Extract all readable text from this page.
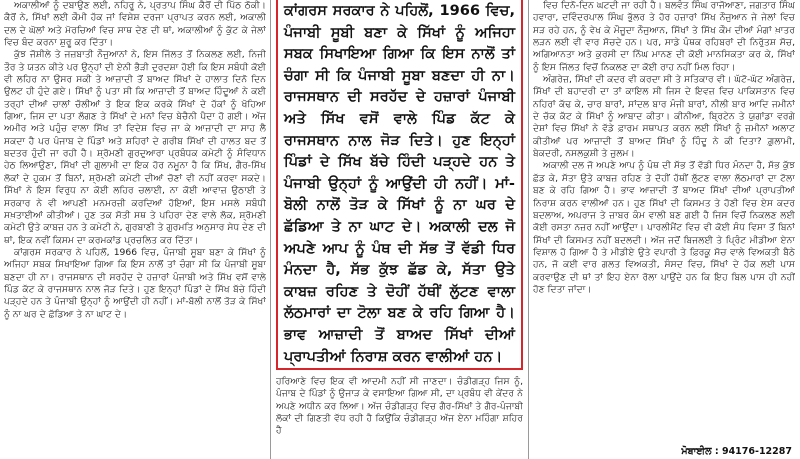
ਅਕਾਲੀਆਂ ਨੂੰ ਦਬਾਉਣ ਲਈ, ਨਹਿਰੂ ਨੇ, ਪ੍ਰਤਾਪ ਸਿੰਘ ਕੈਰੋਂ ਦੀ ਪਿੱਠ ਠੋਕੀ। ਕੈਰੋਂ ਨੇ, ਸਿੱਖਾਂ ਲਈ ਕੌਮੀ ਹੱਕ ਜਾਂ ਵਿਸ਼ੇਸ਼ ਦਰਜਾ ਪ੍ਰਾਪਤ ਕਰਨ ਲਈ, ਅਕਾਲੀ ਦਲ ਦੇ ਘੋਲਾਂ ਅਤੇ ਮੋਰਚਿਆਂ ਵਿਚ ਸਾਥ ਦੇਣ ਦੀ ਥਾਂ, ਅਕਾਲੀਆਂ ਨੂੰ ਕੁੱਟ ਕੇ ਜੇਲਾਂ ਵਿਚ ਬੰਦ ਕਰਨਾ ਸ਼ੁਰੂ ਕਰ ਦਿੱਤਾ।

ਕੁੱਝ ਜੋਸ਼ੀਲੇ ਤੇ ਜਜ਼ਬਾਤੀ ਨੌਜੁਆਨਾਂ ਨੇ, ਇਸ ਜਿੱਲਤ ਤੋਂ ਨਿਕਲਣ ਲਈ, ਨਿਜੀ ਤੌਰ ਤੇ ਯਤਨ ਕੀਤੇ ਪਰ ਉਨ੍ਹਾਂ ਦੀ ਏਨੀ ਭੈੜੀ ਦੁਰਦਸ਼ਾ ਹੋਈ ਕਿ ਇਸ ਸਬੰਧੀ ਕੋਈ ਵੀ ਲਹਿਰ ਨਾ ਉਸਰ ਸਕੀ ਤੇ ਆਜ਼ਾਦੀ ਤੋਂ ਬਾਅਦ ਸਿੱਖਾਂ ਦੇ ਹਾਲਾਤ ਦਿਨੋ ਦਿਨ ਉਲਟ ਹੀ ਹੁੰਦੇ ਗਏ। ਸਿੱਖਾਂ ਨੂੰ ਪਤਾ ਸੀ ਕਿ ਆਜ਼ਾਦੀ ਤੋਂ ਬਾਅਦ ਹਿੰਦੂਆਂ ਨੇ ਕਈ ਤਰ੍ਹਾਂ ਦੀਆਂ ਚਾਲਾਂ ਚੱਲੀਆਂ ਤੇ ਇਕ ਇਕ ਕਰਕੇ ਸਿੱਖਾਂ ਦੇ ਹੱਕਾਂ ਨੂੰ ਖੋਹਿਆ ਗਿਆ, ਜਿਸ ਦਾ ਪਤਾ ਲੱਗਣ ਤੇ ਸਿੱਖਾਂ ਦੇ ਮਨਾਂ ਵਿਚ ਬੇਚੈਨੀ ਪੈਦਾ ਹੋ ਗਈ। ਅੱਜ ਅਮੀਰ ਅਤੇ ਪਹੁੰਚ ਵਾਲਾ ਸਿੱਖ ਤਾਂ ਵਿਦੇਸ਼ ਵਿਚ ਜਾ ਕੇ ਆਜ਼ਾਦੀ ਦਾ ਸਾਹ ਲੈ ਸਕਦਾ ਹੈ ਪਰ ਪੰਜਾਬ ਦੇ ਪਿੰਡਾਂ ਅਤੇ ਸ਼ਹਿਰਾਂ ਦੇ ਗਰੀਬ ਸਿੱਖਾਂ ਦੀ ਹਾਲਤ ਬਦ ਤੋਂ ਬਦਤਰ ਹੁੰਦੀ ਜਾ ਰਹੀ ਹੈ। ਸ਼੍ਰੋਮਣੀ ਗੁਰਦੁਆਰਾ ਪ੍ਰਬੰਧਕ ਕਮੇਟੀ ਨੂੰ ਸੰਵਿਧਾਨ ਹੇਠ ਲਿਆਉਣਾ, ਸਿੱਖਾਂ ਦੀ ਗੁਲਾਮੀ ਦਾ ਇਕ ਹੋਰ ਨਮੂਨਾ ਹੈ ਕਿ ਸਿੱਖ, ਗੈਰ-ਸਿੱਖ ਲੋਕਾਂ ਦੇ ਹੁਕਮ ਤੋਂ ਬਿਨਾਂ, ਸ਼੍ਰੋਮਣੀ ਕਮੇਟੀ ਦੀਆਂ ਚੋਣਾਂ ਵੀ ਨਹੀਂ ਕਰਵਾ ਸਕਦੇ। ਸਿੱਖਾਂ ਨੇ ਇਸ ਵਿਰੁਧ ਨਾ ਕੋਈ ਲਹਿਰ ਚਲਾਈ, ਨਾ ਕੋਈ ਆਵਾਜ਼ ਉਠਾਈ ਤੇ ਸਰਕਾਰ ਨੇ ਵੀ ਆਪਣੀ ਮਨਮਰਜ਼ੀ ਕਰਦਿਆਂ ਹੋਇਆਂ, ਇਸ ਮਸਲੇ ਸਬੰਧੀ ਸਖ਼ਤਾਈਆਂ ਕੀਤੀਆਂ। ਹੁਣ ਤਕ ਸੋਤੀ ਸਥ ਤੇ ਪਹਿਰਾ ਦੇਣ ਵਾਲੇ ਲੋਕ, ਸ਼੍ਰੋਮਣੀ ਕਮੇਟੀ ਉਤੇ ਕਾਬਜ਼ ਹਨ ਤੇ ਕਮੇਟੀ ਨੇ, ਗੁਰਬਾਣੀ ਤੇ ਗੁਰਮਤਿ ਅਨੁਸਾਰ ਸੇਧ ਦੇਣ ਦੀ ਥਾਂ, ਇਕ ਨਵੀਂ ਕਿਸਮ ਦਾ ਕਰਮਕਾਂਡ ਪ੍ਰਚਲਿਤ ਕਰ ਦਿੱਤਾ।

ਕਾਂਗਰਸ ਸਰਕਾਰ ਨੇ ਪਹਿਲੋਂ, 1966 ਵਿਚ, ਪੰਜਾਬੀ ਸੂਬਾ ਬਣਾ ਕੇ ਸਿੱਖਾਂ ਨੂੰ ਅਜਿਹਾ ਸਬਕ ਸਿਖਾਇਆ ਗਿਆ ਕਿ ਇਸ ਨਾਲੋਂ ਤਾਂ ਚੰਗਾ ਸੀ ਕਿ ਪੰਜਾਬੀ ਸੂਬਾ ਬਣਦਾ ਹੀ ਨਾ। ਰਾਜਸਥਾਨ ਦੀ ਸਰਹੱਦ ਦੇ ਹਜ਼ਾਰਾਂ ਪੰਜਾਬੀ ਅਤੇ ਸਿੱਖ ਵਸੋਂ ਵਾਲੇ ਪਿੰਡ ਕੱਟ ਕੇ ਰਾਜਸਥਾਨ ਨਾਲ ਜੋੜ ਦਿਤੇ। ਹੁਣ ਇਨ੍ਹਾਂ ਪਿੰਡਾਂ ਦੇ ਸਿੱਖ ਬੱਚੇ ਹਿੰਦੀ ਪੜ੍ਹਦੇ ਹਨ ਤੇ ਪੰਜਾਬੀ ਉਨ੍ਹਾਂ ਨੂੰ ਆਉਂਦੀ ਹੀ ਨਹੀਂ। ਮਾਂ-ਬੋਲੀ ਨਾਲੋਂ ਤੋੜ ਕੇ ਸਿੱਖਾਂ ਨੂੰ ਨਾ ਘਰ ਦੇ ਛੱਡਿਆ ਤੇ ਨਾ ਘਾਟ ਦੇ।

ਕਾਂਗਰਸ ਸਰਕਾਰ ਨੇ ਪਹਿਲੋਂ, 1966 ਵਿਚ, ਪੰਜਾਬੀ ਸੂਬੀ ਬਣਾ ਕੇ ਸਿੱਖਾਂ ਨੂੰ ਅਜਿਹਾ ਸਬਕ ਸਿਖਾਇਆ ਗਿਆ ਕਿ ਇਸ ਨਾਲੋਂ ਤਾਂ ਚੰਗਾ ਸੀ ਕਿ ਪੰਜਾਬੀ ਸੂਬਾ ਬਣਦਾ ਹੀ ਨਾ। ਰਾਜਸਥਾਨ ਦੀ ਸਰਹੱਦ ਦੇ ਹਜ਼ਾਰਾਂ ਪੰਜਾਬੀ ਅਤੇ ਸਿੱਖ ਵਸੋਂ ਵਾਲੇ ਪਿੰਡ ਕੱਟ ਕੇ ਰਾਜਸਥਾਨ ਨਾਲ ਜੋੜ ਦਿਤੇ। ਹੁਣ ਇਨ੍ਹਾਂ ਪਿੰਡਾਂ ਦੇ ਸਿੱਖ ਬੱਚੇ ਹਿੰਦੀ ਪੜ੍ਹਦੇ ਹਨ ਤੇ ਪੰਜਾਬੀ ਉਨ੍ਹਾਂ ਨੂੰ ਆਉਂਦੀ ਹੀ ਨਹੀਂ। ਮਾਂ-ਬੋਲੀ ਨਾਲੋਂ ਤੋੜ ਕੇ ਸਿੱਖਾਂ ਨੂੰ ਨਾ ਘਰ ਦੇ ਛੱਡਿਆ ਤੇ ਨਾ ਘਾਟ ਦੇ। ਅਕਾਲੀ ਦਲ ਜੋ ਅਪਣੇ ਆਪ ਨੂੰ ਪੰਥ ਦੀ ਸੱਭ ਤੋਂ ਵੱਡੀ ਧਿਰ ਮੰਨਦਾ ਹੈ, ਸੱਭ ਕੁੱਝ ਛੱਡ ਕੇ, ਸੱਤਾ ਉਤੇ ਕਾਬਜ਼ ਰਹਿਣ ਤੇ ਦੋਹੀਂ ਹੱਥੀਂ ਲੁੱਟਣ ਵਾਲਾ ਲੱਠਮਾਰਾਂ ਦਾ ਟੋਲਾ ਬਣ ਕੇ ਰਹਿ ਗਿਆ ਹੈ। ਭਾਵ ਆਜ਼ਾਦੀ ਤੋਂ ਬਾਅਦ ਸਿੱਖਾਂ ਦੀਆਂ ਪ੍ਰਾਪਤੀਆਂ ਨਿਰਾਸ਼ ਕਰਨ ਵਾਲੀਆਂ ਹਨ।

ਹਰਿਆਣੇ ਵਿਚ ਇਕ ਵੀ ਆਦਮੀ ਨਹੀਂ ਸੀ ਜਾਣਦਾ। ਚੰਡੀਗੜ੍ਹ ਜਿਸ ਨੂੰ, ਪੰਜਾਬ ਦੇ ਪਿੰਡਾਂ ਨੂੰ ਉਜਾੜ ਕੇ ਵਸਾਇਆ ਗਿਆ ਸੀ, ਦਾ ਪ੍ਰਬੰਧ ਵੀ ਕੇਂਦਰ ਨੇ ਅਪਣੇ ਅਧੀਨ ਕਰ ਲਿਆ। ਅੱਜ ਚੰਡੀਗੜ੍ਹ ਵਿਚ ਗੈਰ-ਸਿੱਖਾਂ ਤੇ ਗੈਰ-ਪੰਜਾਬੀ ਲੋਕਾਂ ਦੀ ਗਿਣਤੀ ਵੱਧ ਰਹੀ ਹੈ ਕਿਉਂਕਿ ਚੰਡੀਗੜ੍ਹ ਅੱਜ ਏਨਾ ਮਹਿੰਗਾ ਸ਼ਹਿਰ ਹੈ

ਵਿਚ ਦਿਨੋ-ਦਿਨ ਘਟਦੀ ਜਾ ਰਹੀ ਹੈ। ਬਲਵੰਤ ਸਿੰਘ ਰਾਜੋਆਣਾ, ਜਗਤਾਰ ਸਿੰਘ ਹਵਾਰਾ, ਦਵਿੰਦਰਪਾਲ ਸਿੰਘ ਭੁੱਲਰ ਤੇ ਹੋਰ ਹਜ਼ਾਰਾਂ ਸਿੱਖ ਨੌਜੁਆਨ ਜੇ ਜੇਲਾਂ ਵਿਚ ਸੜ ਰਹੇ ਹਨ, ਨੂੰ ਵੇਖ ਕੇ ਮੌਜੂਦਾ ਨੌਜੁਆਨ, ਸਿੱਖਾਂ ਤੇ ਸਿੱਖ ਕੌਮ ਦੀਆਂ ਮੰਗਾਂ ਖ਼ਾਤਰ ਲੜਨ ਲਈ ਵੀ ਵਾਰ ਸੋਚਦੇ ਹਨ। ਪਰ, ਸਾਡੇ ਪੰਥਕ ਰਹਿਬਰਾਂ ਦੀ ਨਿਰੁੱਤਸ਼ ਸੋਚ, ਅਗਿਆਨਤਾ ਅਤੇ ਕੁਰਸੀ ਦਾ ਨਿੱਘ ਮਾਨਣ ਦੀ ਕੋਈ ਮਾਨਸਿਕਤਾ ਕਰ ਕੇ, ਸਿੱਖਾਂ ਨੂੰ ਇਸ ਜਿੱਲਤ ਵਿਚੋਂ ਨਿਕਲਣ ਦਾ ਕੋਈ ਰਾਹ ਨਹੀਂ ਮਿਲ ਰਿਹਾ।

ਅੰਗਰੇਜ਼, ਸਿੱਖਾਂ ਦੀ ਕਦਰ ਵੀ ਕਰਦਾ ਸੀ ਤੇ ਸਤਿਕਾਰ ਵੀ। ਘੱਟੋ-ਘੱਟ ਅੰਗਰੇਜ਼, ਸਿੱਖਾਂ ਦੀ ਬਹਾਦਰੀ ਦਾ ਤਾਂ ਕਾਇਲ ਸੀ ਜਿਸ ਦੇ ਇਵਜ਼ ਵਿਚ ਪਾਕਿਸਤਾਨ ਵਿਚ ਨਹਿਰਾਂ ਕੱਢ ਕੇ, ਚਾਰ ਬਾਰਾਂ, ਸਾਂਦਲ ਬਾਰ ਮੰਜੀ ਬਾਰਾਂ, ਨੀਲੀ ਬਾਰ ਆਦਿ ਜਮੀਨਾਂ ਦੇ ਚੱਕ ਕੱਟ ਕੇ ਸਿੱਖਾਂ ਨੂੰ ਆਬਾਦ ਕੀਤਾ। ਕੀਨੀਆ, ਬ੍ਰਿਟੇਨ ਤੇ ਯੁਗਾਂਡਾ ਵਰਗੇ ਦੇਸ਼ਾਂ ਵਿਚ ਸਿੱਖਾਂ ਨੇ ਵੱਡੇ ਫ਼ਾਰਮ ਸਥਾਪਤ ਕਰਨ ਲਈ ਸਿੱਖਾਂ ਨੂੰ ਜ਼ਮੀਨਾਂ ਅਲਾਟ ਕੀਤੀਆਂ ਪਰ ਆਜ਼ਾਦੀ ਤੋਂ ਬਾਅਦ ਸਿੱਖਾਂ ਨੂੰ ਹਿੰਦੂ ਨੇ ਕੀ ਦਿਤਾ? ਗ਼ੁਲਾਮੀ, ਬੇਕਦਰੀ, ਨਸਲਕੁਸ਼ੀ ਤੇ ਜ਼ੁਲਮ।

ਅਕਾਲੀ ਦਲ ਜੋ ਅਪਣੇ ਆਪ ਨੂੰ ਪੰਥ ਦੀ ਸੱਭ ਤੋਂ ਵੱਡੀ ਧਿਰ ਮੰਨਦਾ ਹੈ, ਸੱਭ ਕੁੱਝ ਛੱਡ ਕੇ, ਸੱਤਾ ਉਤੇ ਕਾਬਜ਼ ਰਹਿਣ ਤੇ ਦੋਹੀਂ ਹੱਥੀਂ ਲੁੱਟਣ ਵਾਲਾ ਲੱਠਮਾਰਾਂ ਦਾ ਟੋਲਾ ਬਣ ਕੇ ਰਹਿ ਗਿਆ ਹੈ। ਭਾਵ ਆਜ਼ਾਦੀ ਤੋਂ ਬਾਅਦ ਸਿੱਖਾਂ ਦੀਆਂ ਪ੍ਰਾਪਤੀਆਂ ਨਿਰਾਸ਼ ਕਰਨ ਵਾਲੀਆਂ ਹਨ। ਹੁਣ ਸਿੱਖਾਂ ਦੀ ਕਿਸਮਤ ਤੇ ਹੋਣੀ ਵਿਚ ਏਸ ਕਦਰ ਬਦਲਾਅ, ਅਪਰਾਜ ਤੇ ਜ਼ਾਬਰ ਕੰਮ ਵਾਲੀ ਬਣ ਗਈ ਹੈ ਜਿਸ ਵਿਚੋਂ ਨਿਕਲਣ ਲਈ ਕੋਈ ਰਸਤਾ ਨਜ਼ਰ ਨਹੀਂ ਆਉਂਦਾ। ਪਾਰਲੀਮੈਂਟ ਵਿਚ ਵੀ ਕੋਈ ਸੰਧ ਵਿਸਾ ਤੋਂ ਬਿਨਾਂ ਸਿੱਖਾਂ ਦੀ ਕਿਸਮਤ ਨਹੀਂ ਬਦਲਦੀ। ਅੱਜ ਜਦੋਂ ਬਿਜਲਈ ਤੇ ਪ੍ਰਿੰਟ ਮੀਡੀਆ ਏਨਾ ਵਿਸ਼ਾਲ ਹੋ ਗਿਆ ਹੈ ਤੇ ਮੀਡੀਏ ਉਤੇ ਵਪਾਰੀ ਤੇ ਫ਼ਿਰਕੂ ਸੋਚ ਵਾਲੇ ਵਿਅਕਤੀ ਬੈਠੇ ਹਨ, ਜੋ ਕਈ ਵਾਰ ਗਲਤ ਵਿਅਕਤੀ, ਸੰਸਦ ਵਿਚ, ਸਿੱਖਾਂ ਦੇ ਹੱਕ ਲਈ ਪਾਸ ਕਰਵਾਉਣ ਦੀ ਥਾਂ ਤਾਂ ਇਹ ਏਨਾ ਰੋਲਾ ਪਾਉਂਦੇ ਹਨ ਕਿ ਇਹ ਬਿਲ ਪਾਸ ਹੀ ਨਹੀਂ ਹੋਣ ਦਿਤਾ ਜਾਂਦਾ।

ਮੋਬਾਈਲ : 94176-12287
